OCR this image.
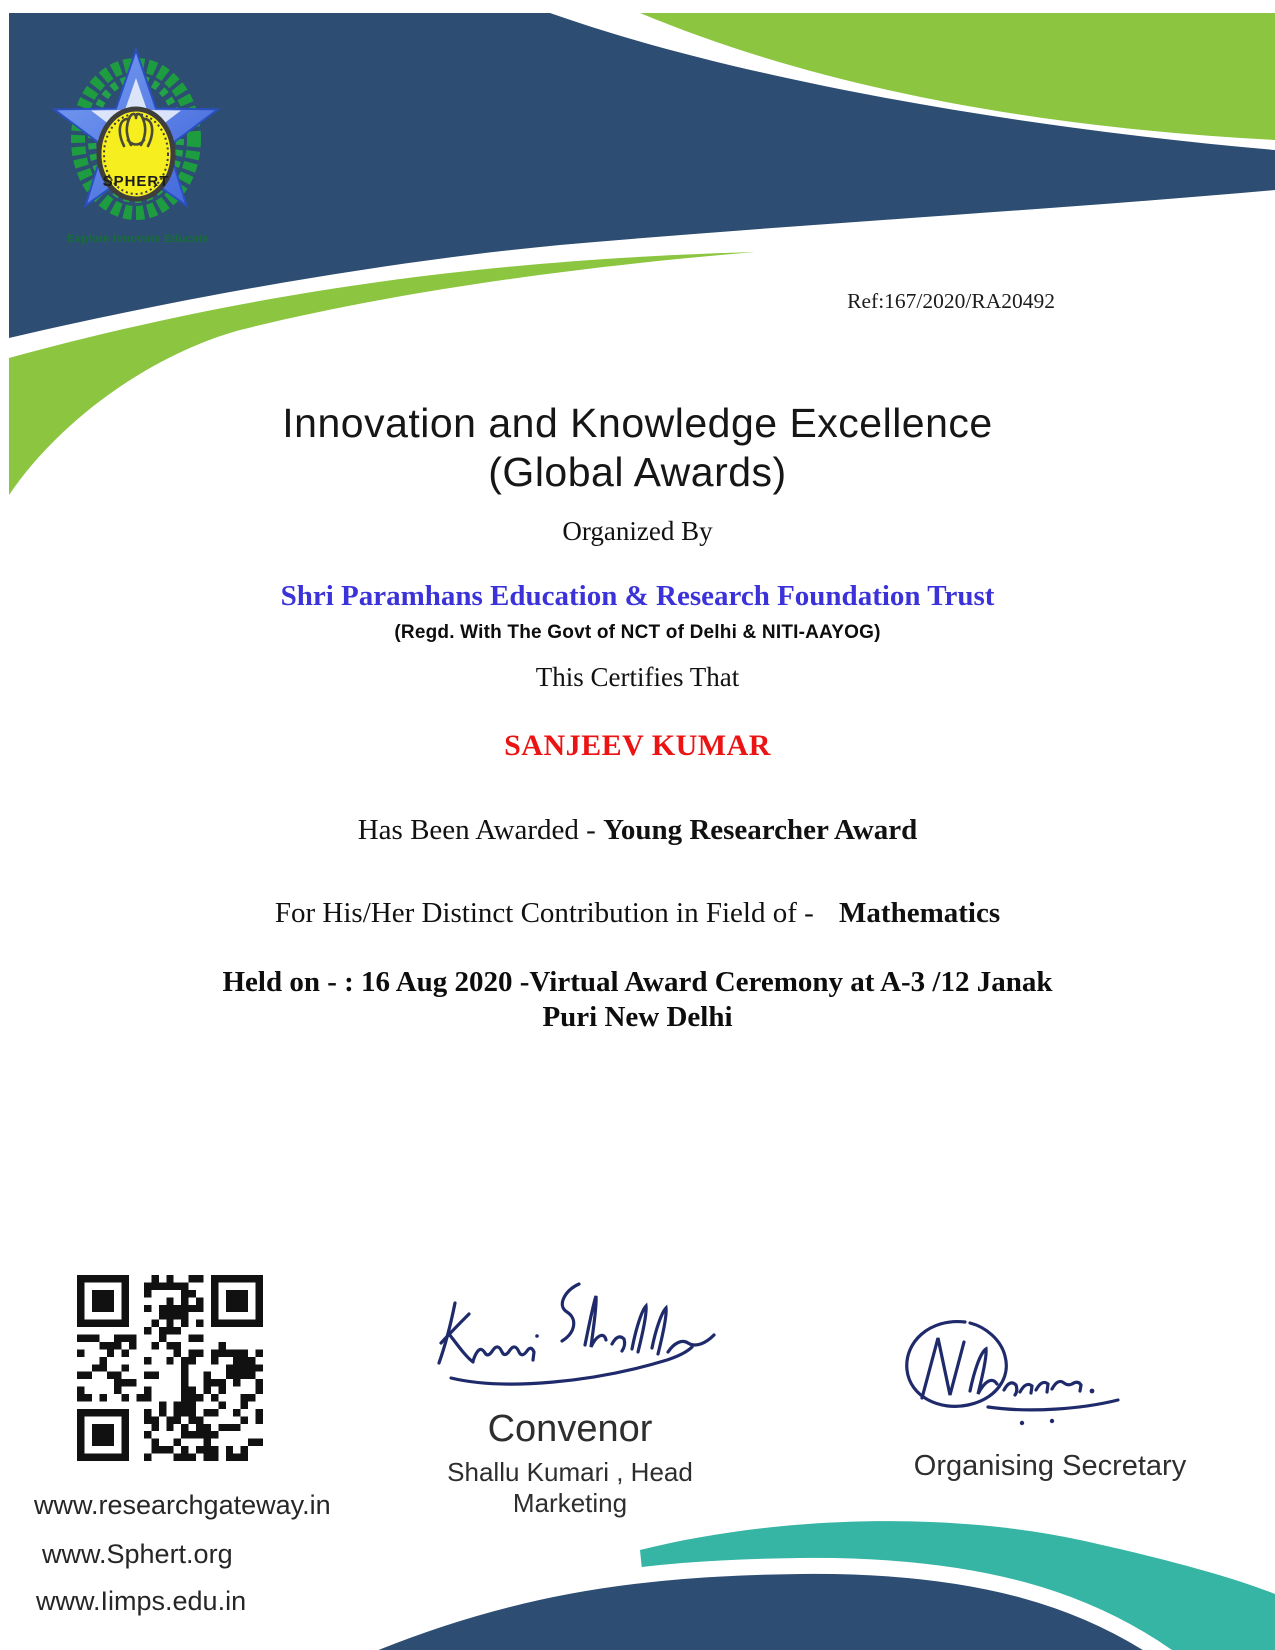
SPHERT
Explore Innovate Educate
Ref:167/2020/RA20492
Innovation and Knowledge Excellence
(Global Awards)
Organized By
Shri Paramhans Education & Research Foundation Trust
(Regd. With The Govt of NCT of Delhi & NITI-AAYOG)
This Certifies That
SANJEEV KUMAR
Has Been Awarded - Young Researcher Award
For His/Her Distinct Contribution in Field of - Mathematics
Held on - : 16 Aug 2020 -Virtual Award Ceremony at A-3 /12 Janak
Puri New Delhi
Convenor
Shallu Kumari , Head Marketing
Organising Secretary
www.researchgateway.in
www.Sphert.org
www.Iimps.edu.in
